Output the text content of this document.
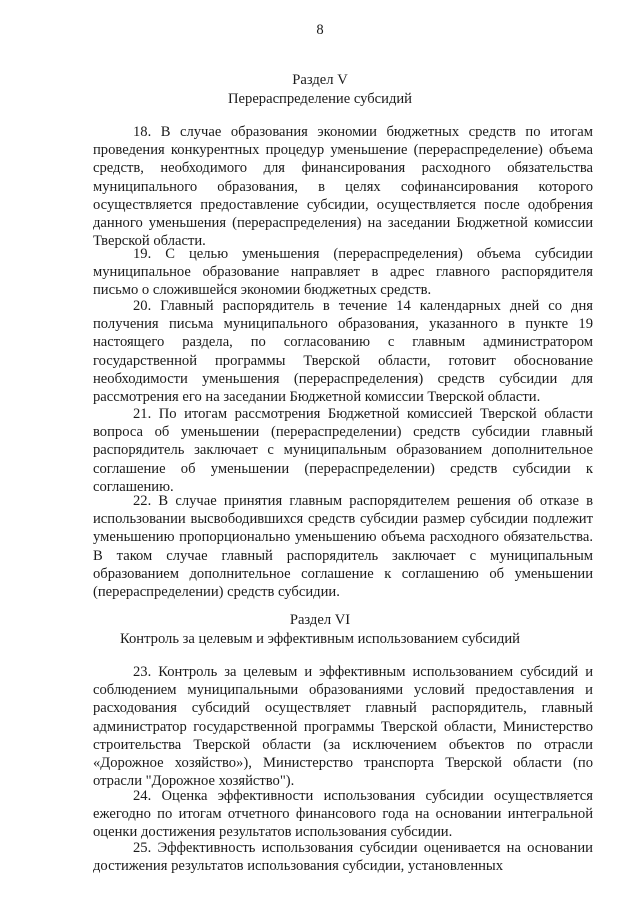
8
Раздел V
Перераспределение субсидий

18. В случае образования экономии бюджетных средств по итогам проведения конкурентных процедур уменьшение (перераспределение) объема средств, необходимого для финансирования расходного обязательства муниципального образования, в целях софинансирования которого осуществляется предоставление субсидии, осуществляется после одобрения данного уменьшения (перераспределения) на заседании Бюджетной комиссии Тверской области.

19. С целью уменьшения (перераспределения) объема субсидии муниципальное образование направляет в адрес главного распорядителя письмо о сложившейся экономии бюджетных средств.

20. Главный распорядитель в течение 14 календарных дней со дня получения письма муниципального образования, указанного в пункте 19 настоящего раздела, по согласованию с главным администратором государственной программы Тверской области, готовит обоснование необходимости уменьшения (перераспределения) средств субсидии для рассмотрения его на заседании Бюджетной комиссии Тверской области.

21. По итогам рассмотрения Бюджетной комиссией Тверской области вопроса об уменьшении (перераспределении) средств субсидии главный распорядитель заключает с муниципальным образованием дополнительное соглашение об уменьшении (перераспределении) средств субсидии к соглашению.

22. В случае принятия главным распорядителем решения об отказе в использовании высвободившихся средств субсидии размер субсидии подлежит уменьшению пропорционально уменьшению объема расходного обязательства. В таком случае главный распорядитель заключает с муниципальным образованием дополнительное соглашение к соглашению об уменьшении (перераспределении) средств субсидии.

Раздел VI
Контроль за целевым и эффективным использованием субсидий

23. Контроль за целевым и эффективным использованием субсидий и соблюдением муниципальными образованиями условий предоставления и расходования субсидий осуществляет главный распорядитель, главный администратор государственной программы Тверской области, Министерство строительства Тверской области (за исключением объектов по отрасли «Дорожное хозяйство»), Министерство транспорта Тверской области (по отрасли "Дорожное хозяйство").

24. Оценка эффективности использования субсидии осуществляется ежегодно по итогам отчетного финансового года на основании интегральной оценки достижения результатов использования субсидии.

25. Эффективность использования субсидии оценивается на основании достижения результатов использования субсидии, установленных
